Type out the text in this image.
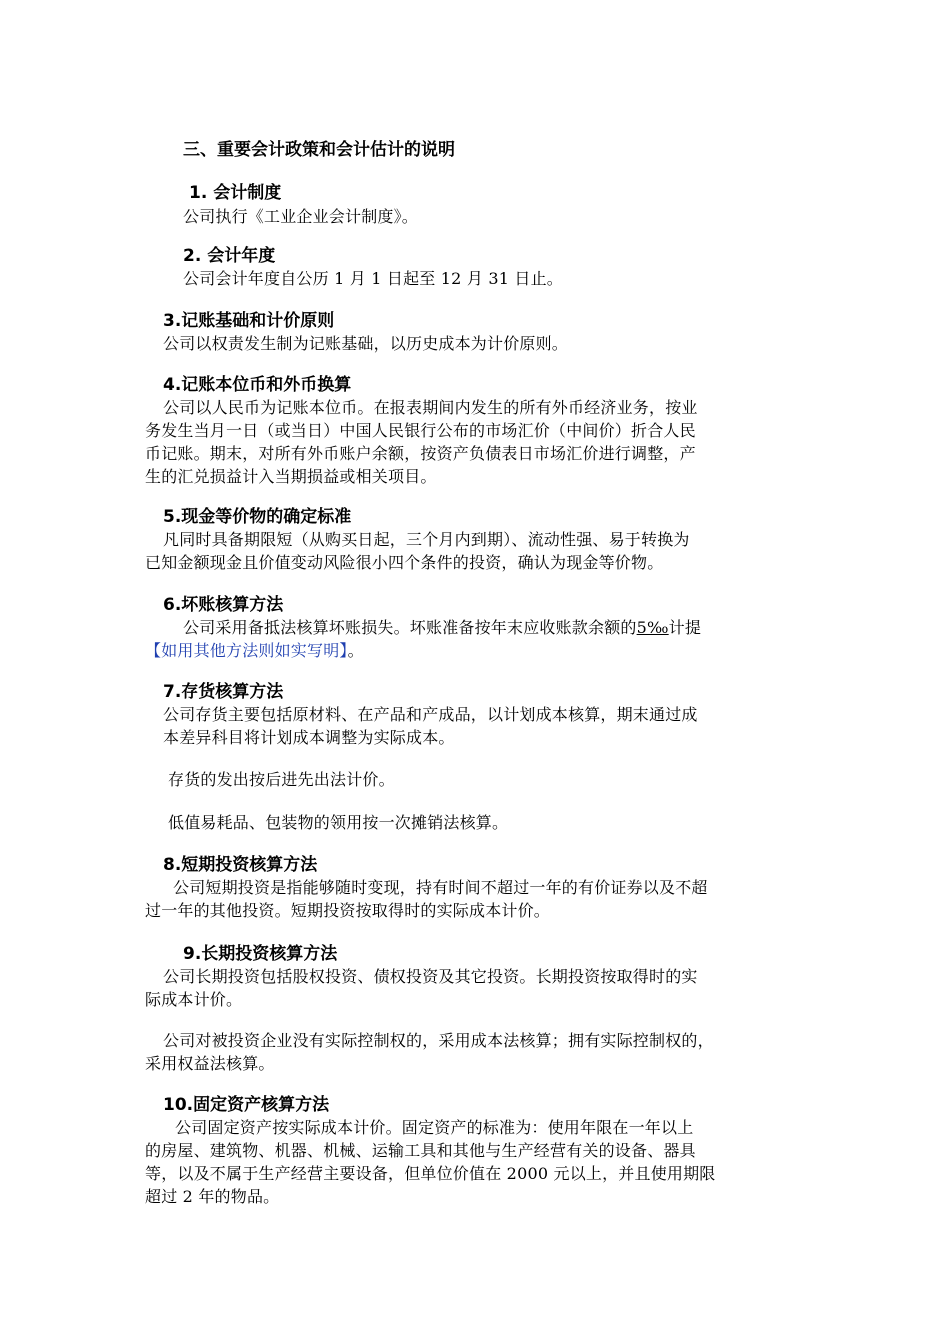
三、重要会计政策和会计估计的说明
1. 会计制度
公司执行《工业企业会计制度》。
2. 会计年度
公司会计年度自公历 1 月 1 日起至 12 月 31 日止。
3.记账基础和计价原则
公司以权责发生制为记账基础，以历史成本为计价原则。
4.记账本位币和外币换算
公司以人民币为记账本位币。在报表期间内发生的所有外币经济业务，按业
务发生当月一日（或当日）中国人民银行公布的市场汇价（中间价）折合人民
币记账。期末，对所有外币账户余额，按资产负债表日市场汇价进行调整，产
生的汇兑损益计入当期损益或相关项目。
5.现金等价物的确定标准
凡同时具备期限短（从购买日起，三个月内到期）、流动性强、易于转换为
已知金额现金且价值变动风险很小四个条件的投资，确认为现金等价物。
6.坏账核算方法
公司采用备抵法核算坏账损失。坏账准备按年末应收账款余额的5‰计提
【如用其他方法则如实写明】。
7.存货核算方法
公司存货主要包括原材料、在产品和产成品，以计划成本核算，期末通过成
本差异科目将计划成本调整为实际成本。
存货的发出按后进先出法计价。
低值易耗品、包装物的领用按一次摊销法核算。
8.短期投资核算方法
公司短期投资是指能够随时变现，持有时间不超过一年的有价证券以及不超
过一年的其他投资。短期投资按取得时的实际成本计价。
9.长期投资核算方法
公司长期投资包括股权投资、债权投资及其它投资。长期投资按取得时的实
际成本计价。
公司对被投资企业没有实际控制权的，采用成本法核算；拥有实际控制权的，
采用权益法核算。
10.固定资产核算方法
公司固定资产按实际成本计价。固定资产的标准为：使用年限在一年以上
的房屋、建筑物、机器、机械、运输工具和其他与生产经营有关的设备、器具
等，以及不属于生产经营主要设备，但单位价值在 2000 元以上，并且使用期限
超过 2 年的物品。
